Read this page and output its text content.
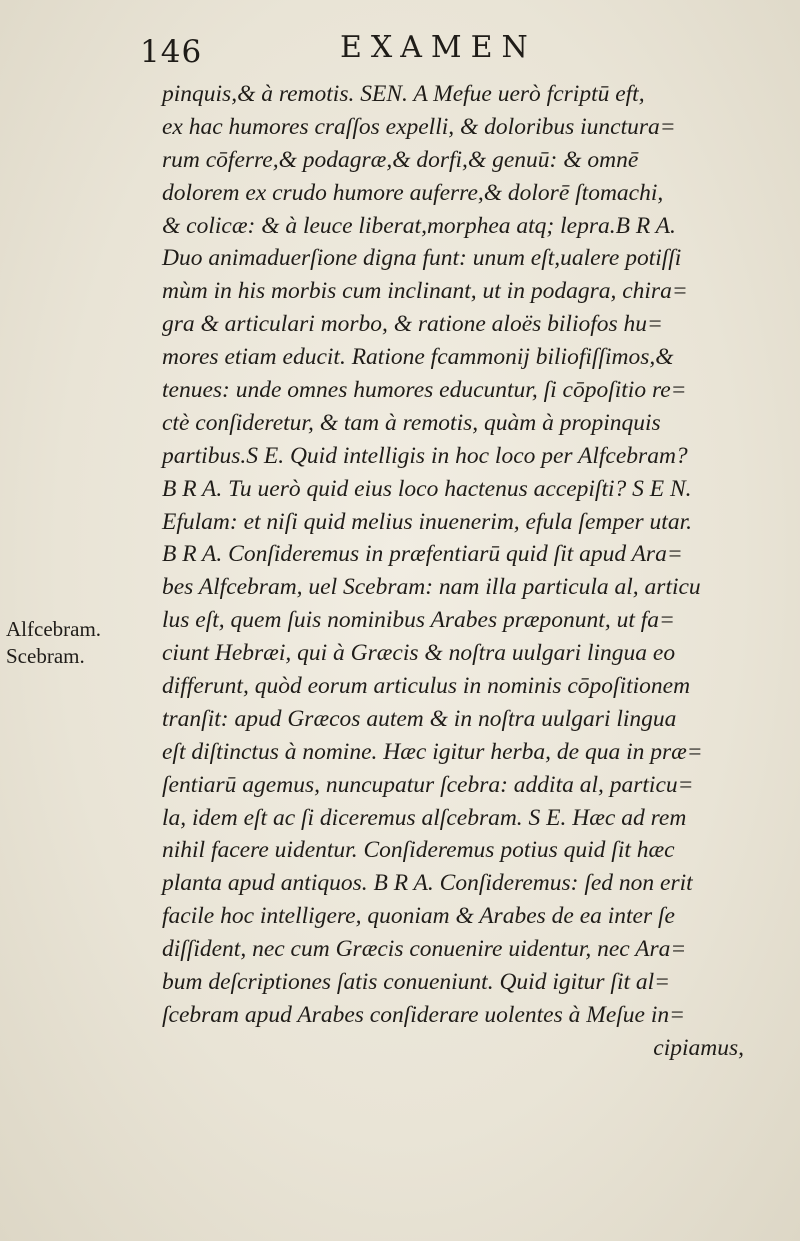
146	EXAMEN
Alfcebram.
Scebram.
pinquis,& à remotis. SEN. A Mefue uerò fcriptū eft,
ex hac humores craſſos expelli, & doloribus iunctura=
rum cōferre,& podagræ,& dorfi,& genuū: & omnē
dolorem ex crudo humore auferre,& dolorē ſtomachi,
& colicæ: & à leuce liberat,morphea atq; lepra.B R A.
Duo animaduerſione digna funt: unum eſt,ualere potiſſi
mùm in his morbis cum inclinant, ut in podagra, chira=
gra & articulari morbo, & ratione aloës biliofos hu=
mores etiam educit. Ratione fcammonij biliofiſſimos,&
tenues: unde omnes humores educuntur, ſi cōpoſitio re=
ctè conſideretur, & tam à remotis, quàm à propinquis
partibus.S E. Quid intelligis in hoc loco per Alfcebram?
B R A. Tu uerò quid eius loco hactenus accepiſti? S E N.
Efulam: et niſi quid melius inuenerim, efula ſemper utar.
B R A. Conſideremus in præfentiarū quid ſit apud Ara=
bes Alfcebram, uel Scebram: nam illa particula al, articu
lus eſt, quem ſuis nominibus Arabes præponunt, ut fa=
ciunt Hebræi, qui à Græcis & noſtra uulgari lingua eo
differunt, quòd eorum articulus in nominis cōpoſitionem
tranſit: apud Græcos autem & in noſtra uulgari lingua
eſt diſtinctus à nomine. Hæc igitur herba, de qua in præ=
ſentiarū agemus, nuncupatur ſcebra: addita al, particu=
la, idem eſt ac ſi diceremus alſcebram. S E. Hæc ad rem
nihil facere uidentur. Conſideremus potius quid ſit hæc
planta apud antiquos. B R A. Conſideremus: ſed non erit
facile hoc intelligere, quoniam & Arabes de ea inter ſe
diſſident, nec cum Græcis conuenire uidentur, nec Ara=
bum deſcriptiones ſatis conueniunt. Quid igitur ſit al=
ſcebram apud Arabes conſiderare uolentes à Meſue in=
cipiamus,
